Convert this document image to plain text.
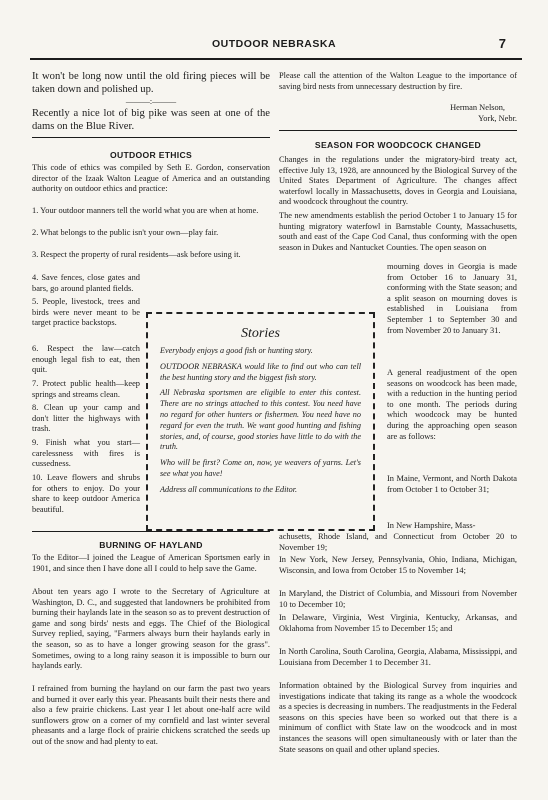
OUTDOOR NEBRASKA	7
It won't be long now until the old firing pieces will be taken down and polished up.
———:———
Recently a nice lot of big pike was seen at one of the dams on the Blue River.
OUTDOOR ETHICS
This code of ethics was compiled by Seth E. Gordon, conservation director of the Izaak Walton League of America and an outstanding authority on outdoor ethics and practice:
1. Your outdoor manners tell the world what you are when at home.
2. What belongs to the public isn't your own—play fair.
3. Respect the property of rural residents—ask before using it.
4. Save fences, close gates and bars, go around planted fields.
5. People, livestock, trees and birds were never meant to be target practice backstops.
6. Respect the law—catch enough legal fish to eat, then quit.
7. Protect public health—keep springs and streams clean.
8. Clean up your camp and don't litter the highways with trash.
9. Finish what you start—carelessness with fires is cussedness.
10. Leave flowers and shrubs for others to enjoy. Do your share to keep outdoor America beautiful.
Stories

Everybody enjoys a good fish or hunting story.

OUTDOOR NEBRASKA would like to find out who can tell the best hunting story and the biggest fish story.

All Nebraska sportsmen are eligible to enter this contest. There are no strings attached to this contest. You need have no regard for other hunters or fishermen. You need have no regard for even the truth. We want good hunting and fishing stories, and, of course, good stories have little to do with the truth.

Who will be first? Come on, now, ye weavers of yarns. Let's see what you have!

Address all communications to the Editor.

BURNING OF HAYLAND
To the Editor—I joined the League of American Sportsmen early in 1901, and since then I have done all I could to help save the Game.
About ten years ago I wrote to the Secretary of Agriculture at Washington, D. C., and suggested that landowners be prohibited from burning their haylands late in the season so as to prevent destruction of game and song birds' nests and eggs. The Chief of the Biological Survey replied, saying, "Farmers always burn their haylands early in the season, so as to have a longer growing season for the grass". Sometimes, owing to a long rainy season it is impossible to burn our haylands early.
I refrained from burning the hayland on our farm the past two years and burned it over early this year. Pheasants built their nests there and also a few prairie chickens. Last year I let about one-half acre wild sunflowers grow on a corner of my cornfield and last winter several pheasants and a large flock of prairie chickens scratched the seeds up out of the snow and had plenty to eat.
Please call the attention of the Walton League to the importance of saving bird nests from unnecessary destruction by fire.
Herman Nelson,
York, Nebr.
SEASON FOR WOODCOCK CHANGED
Changes in the regulations under the migratory-bird treaty act, effective July 13, 1928, are announced by the Biological Survey of the United States Department of Agriculture. The changes affect waterfowl locally in Massachusetts, doves in Georgia and Louisiana, and woodcock throughout the country.
The new amendments establish the period October 1 to January 15 for hunting migratory waterfowl in Barnstable County, Massachusetts, south and east of the Cape Cod Canal, thus conforming with the open season in Dukes and Nantucket Counties. The open season on
mourning doves in Georgia is made from October 16 to January 31, conforming with the State season; and a split season on mourning doves is established in Louisiana from September 1 to September 30 and from November 20 to January 31.
A general readjustment of the open seasons on woodcock has been made, with a reduction in the hunting period to one month. The periods during which woodcock may be hunted during the approaching open season are as follows:
In Maine, Vermont, and North Dakota from October 1 to October 31;
In New Hampshire, Mass-
achusetts, Rhode Island, and Connecticut from October 20 to November 19;
In New York, New Jersey, Pennsylvania, Ohio, Indiana, Michigan, Wisconsin, and Iowa from October 15 to November 14;
In Maryland, the District of Columbia, and Missouri from November 10 to December 10;
In Delaware, Virginia, West Virginia, Kentucky, Arkansas, and Oklahoma from November 15 to December 15; and
In North Carolina, South Carolina, Georgia, Alabama, Mississippi, and Louisiana from December 1 to December 31.
Information obtained by the Biological Survey from inquiries and investigations indicate that taking its range as a whole the woodcock as a species is decreasing in numbers. The readjustments in the Federal seasons on this species have been so worked out that there is a minimum of conflict with State law on the woodcock and in most instances the seasons will open simultaneously with or later than the State seasons on quail and other upland species.
